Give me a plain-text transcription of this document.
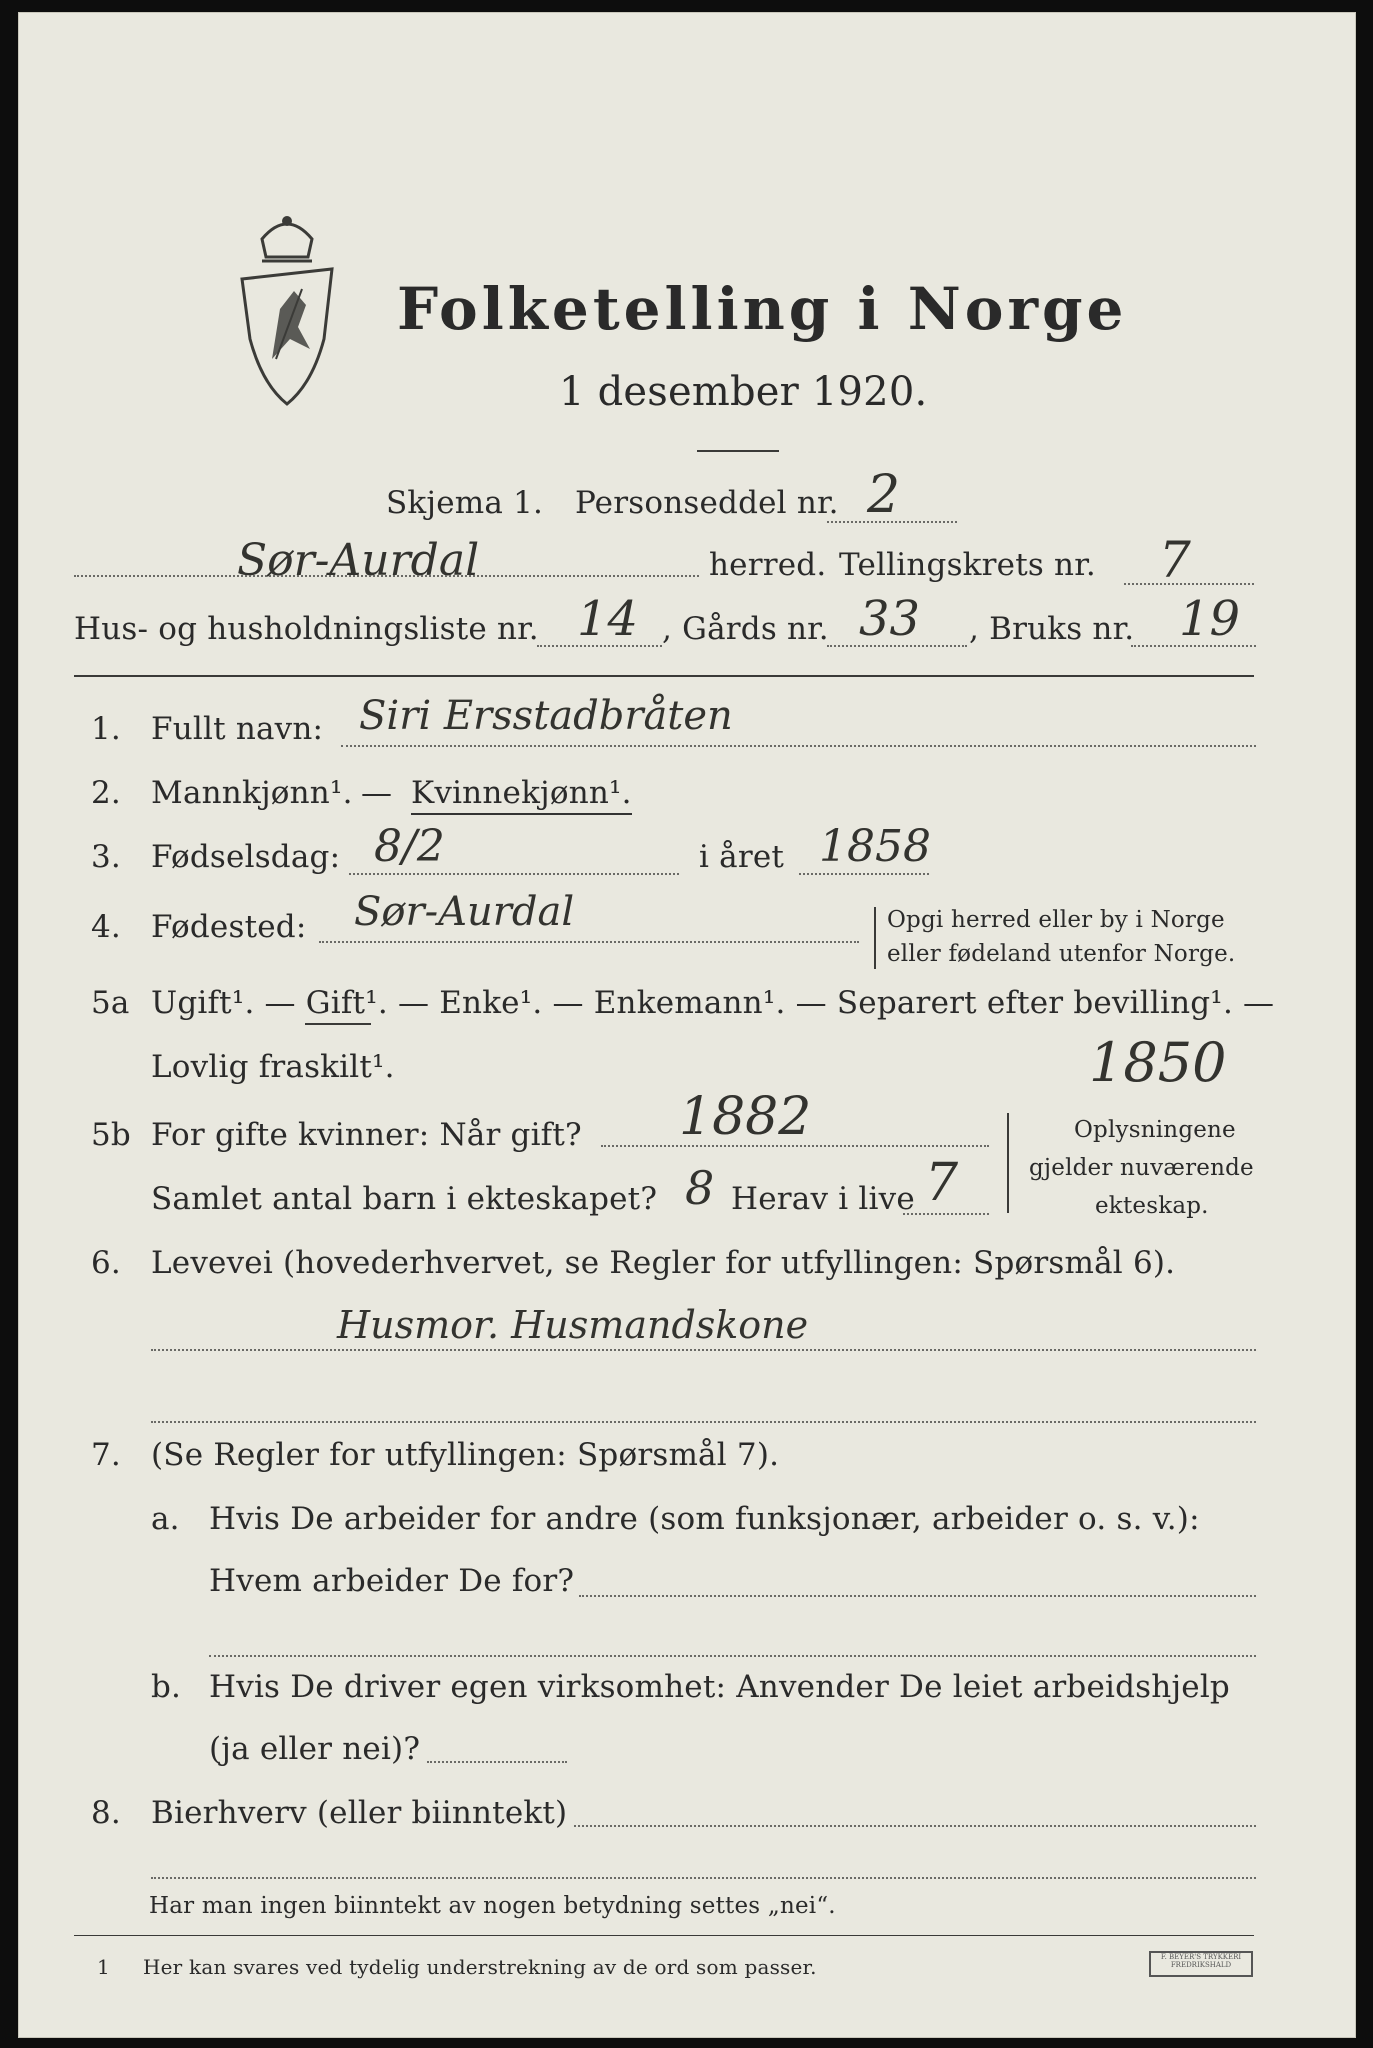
Folketelling i Norge
1 desember 1920.
Skjema 1. Personseddel nr. 2
Sør-Aurdal	herred. Tellingskrets nr. 7
Hus- og husholdningsliste nr. 14 , Gårds nr. 33 , Bruks nr. 19
1. Fullt navn: Siri Ersstadbråten
2. Mannkjønn¹. — Kvinnekjønn¹.
3. Fødselsdag: 8/2	i året 1858
4. Fødested: Sør-Aurdal	Opgi herred eller by i Norge
eller fødeland utenfor Norge.
5a Ugift¹. — Gift¹. — Enke¹. — Enkemann¹. — Separert efter bevilling¹. —
Lovlig fraskilt¹.	1850
5b For gifte kvinner: Når gift? 1882
Samlet antal barn i ekteskapet? 8 Herav i live 7
Oplysningene
gjelder nuværende
ekteskap.
6. Levevei (hovederhvervet, se Regler for utfyllingen: Spørsmål 6).
Husmor. Husmandskone
7. (Se Regler for utfyllingen: Spørsmål 7).
a. Hvis De arbeider for andre (som funksjonær, arbeider o. s. v.):
Hvem arbeider De for?
b. Hvis De driver egen virksomhet: Anvender De leiet arbeidshjelp
(ja eller nei)?
8. Bierhverv (eller biinntekt)
Har man ingen biinntekt av nogen betydning settes „nei“.
1 Her kan svares ved tydelig understrekning av de ord som passer.	F. BEYER'S TRYKKERI
FREDRIKSHALD
